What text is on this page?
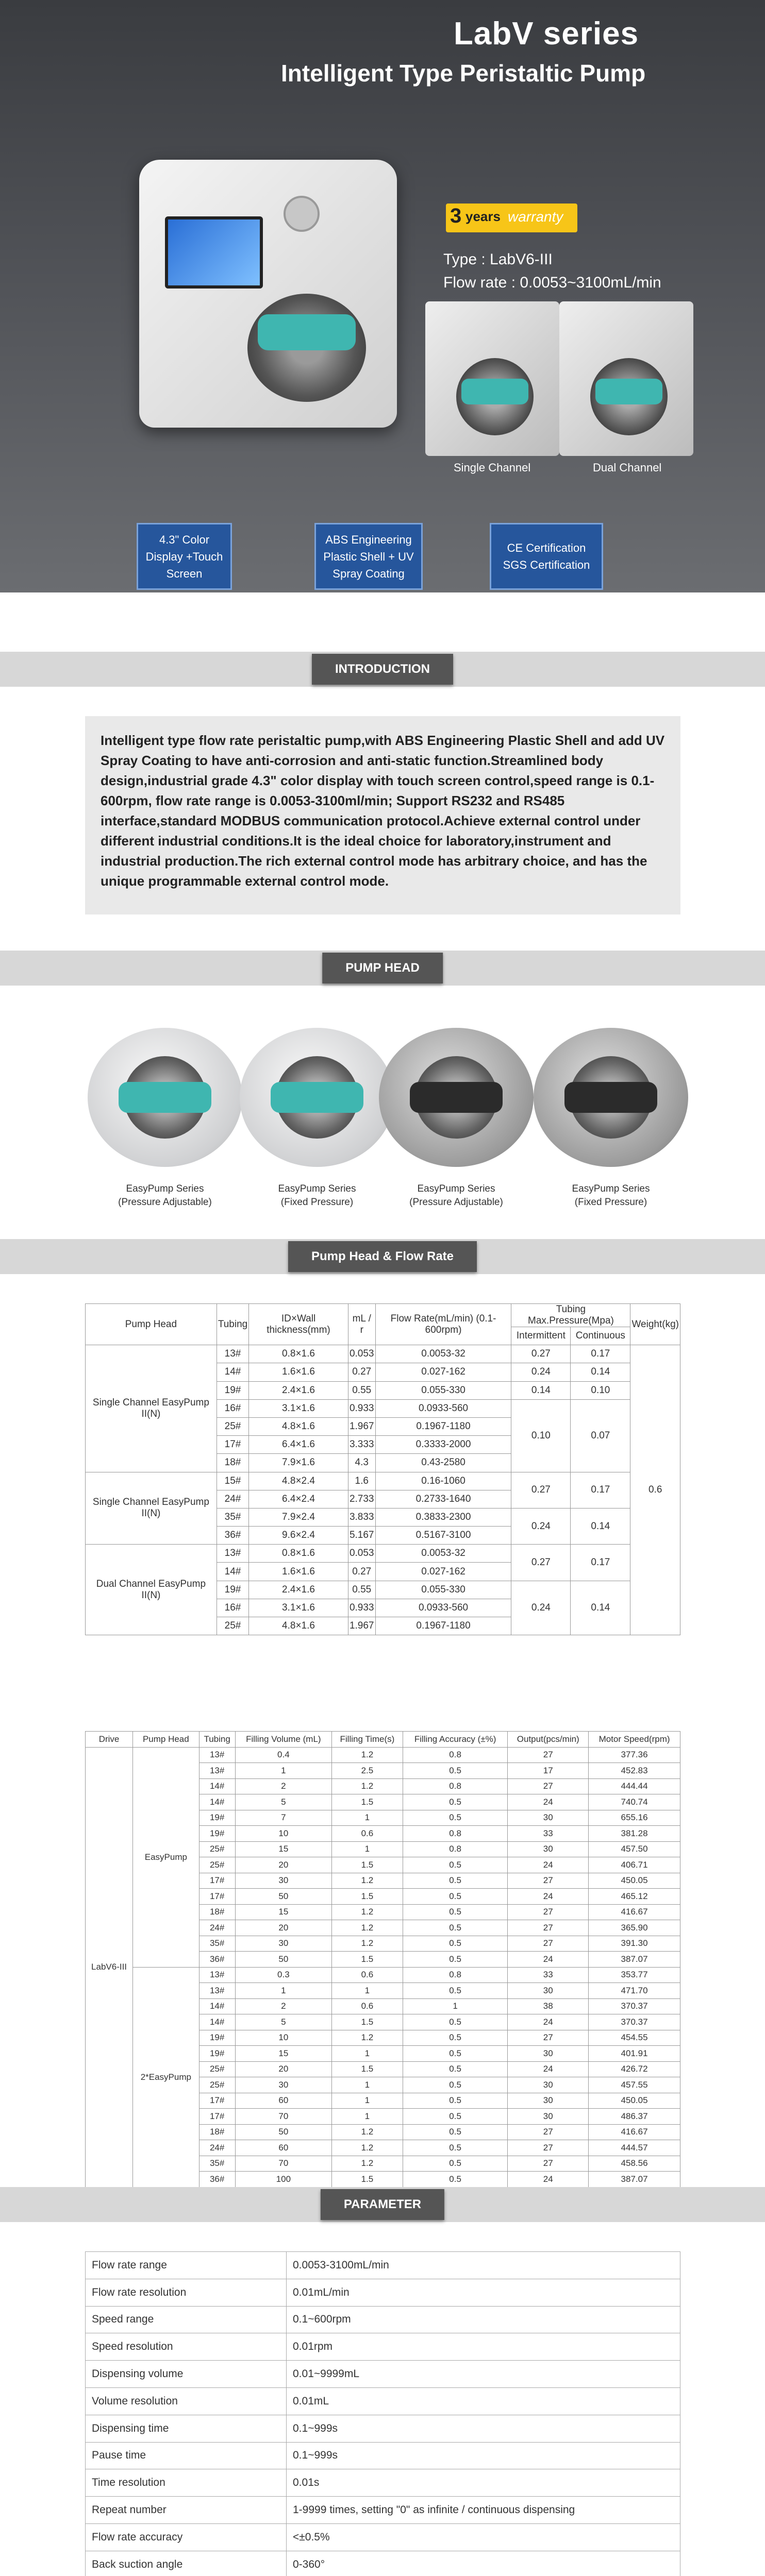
LabV series
Intelligent Type Peristaltic Pump
3 years warranty
Type : LabV6-III
Flow rate : 0.0053~3100mL/min
Single Channel	Dual Channel
4.3" Color Display +Touch Screen
ABS Engineering Plastic Shell + UV Spray Coating
CE Certification SGS Certification
INTRODUCTION
Intelligent type flow rate peristaltic pump,with ABS Engineering Plastic Shell and add UV Spray Coating to have anti-corrosion and anti-static function.Streamlined body design,industrial grade 4.3" color display with touch screen control,speed range is 0.1-600rpm, flow rate range is 0.0053-3100ml/min; Support RS232 and RS485 interface,standard MODBUS communication protocol.Achieve external control under different industrial conditions.It is the ideal choice for laboratory,instrument and industrial production.The rich external control mode has arbitrary choice, and has the unique programmable external control mode.
PUMP HEAD
EasyPump Series
(Pressure Adjustable)
EasyPump Series
(Fixed Pressure)
EasyPump Series
(Pressure Adjustable)
EasyPump Series
(Fixed Pressure)
Pump Head & Flow Rate
Pump Head	Tubing	ID×Wall thickness(mm)	mL / r	Flow Rate(mL/min) (0.1-600rpm)	Tubing Max.Pressure(Mpa)		Weight(kg)
					Intermittent	Continuous	
Single Channel EasyPump II(N)	13#	0.8×1.6	0.053	0.0053-32	0.27	0.17	0.6
	14#	1.6×1.6	0.27	0.027-162	0.24	0.14	
	19#	2.4×1.6	0.55	0.055-330	0.14	0.10	
	16#	3.1×1.6	0.933	0.0933-560	0.10	0.07	
	25#	4.8×1.6	1.967	0.1967-1180			
	17#	6.4×1.6	3.333	0.3333-2000			
	18#	7.9×1.6	4.3	0.43-2580			
Single Channel EasyPump II(N)	15#	4.8×2.4	1.6	0.16-1060	0.27	0.17	
	24#	6.4×2.4	2.733	0.2733-1640			
	35#	7.9×2.4	3.833	0.3833-2300	0.24	0.14	
	36#	9.6×2.4	5.167	0.5167-3100			
Dual Channel EasyPump II(N)	13#	0.8×1.6	0.053	0.0053-32	0.27	0.17	
	14#	1.6×1.6	0.27	0.027-162			
	19#	2.4×1.6	0.55	0.055-330	0.24	0.14	
	16#	3.1×1.6	0.933	0.0933-560			
	25#	4.8×1.6	1.967	0.1967-1180			
Drive	Pump Head	Tubing	Filling Volume (mL)	Filling Time(s)	Filling Accuracy (±%)	Output(pcs/min)	Motor Speed(rpm)
LabV6-III	EasyPump	13#	0.4	1.2	0.8	27	377.36
		13#	1	2.5	0.5	17	452.83
		14#	2	1.2	0.8	27	444.44
		14#	5	1.5	0.5	24	740.74
		19#	7	1	0.5	30	655.16
		19#	10	0.6	0.8	33	381.28
		25#	15	1	0.8	30	457.50
		25#	20	1.5	0.5	24	406.71
		17#	30	1.2	0.5	27	450.05
		17#	50	1.5	0.5	24	465.12
		18#	15	1.2	0.5	27	416.67
		24#	20	1.2	0.5	27	365.90
		35#	30	1.2	0.5	27	391.30
		36#	50	1.5	0.5	24	387.07
	2*EasyPump	13#	0.3	0.6	0.8	33	353.77
		13#	1	1	0.5	30	471.70
		14#	2	0.6	1	38	370.37
		14#	5	1.5	0.5	24	370.37
		19#	10	1.2	0.5	27	454.55
		19#	15	1	0.5	30	401.91
		25#	20	1.5	0.5	24	426.72
		25#	30	1	0.5	30	457.55
		17#	60	1	0.5	30	450.05
		17#	70	1	0.5	30	486.37
		18#	50	1.2	0.5	27	416.67
		24#	60	1.2	0.5	27	444.57
		35#	70	1.2	0.5	27	458.56
		36#	100	1.5	0.5	24	387.07
PARAMETER
Flow rate range	0.0053-3100mL/min
Flow rate resolution	0.01mL/min
Speed range	0.1~600rpm
Speed resolution	0.01rpm
Dispensing volume	0.01~9999mL
Volume resolution	0.01mL
Dispensing time	0.1~999s
Pause time	0.1~999s
Time resolution	0.01s
Repeat number	1-9999 times, setting "0" as infinite / continuous dispensing
Flow rate accuracy	<±0.5%
Back suction angle	0-360°
